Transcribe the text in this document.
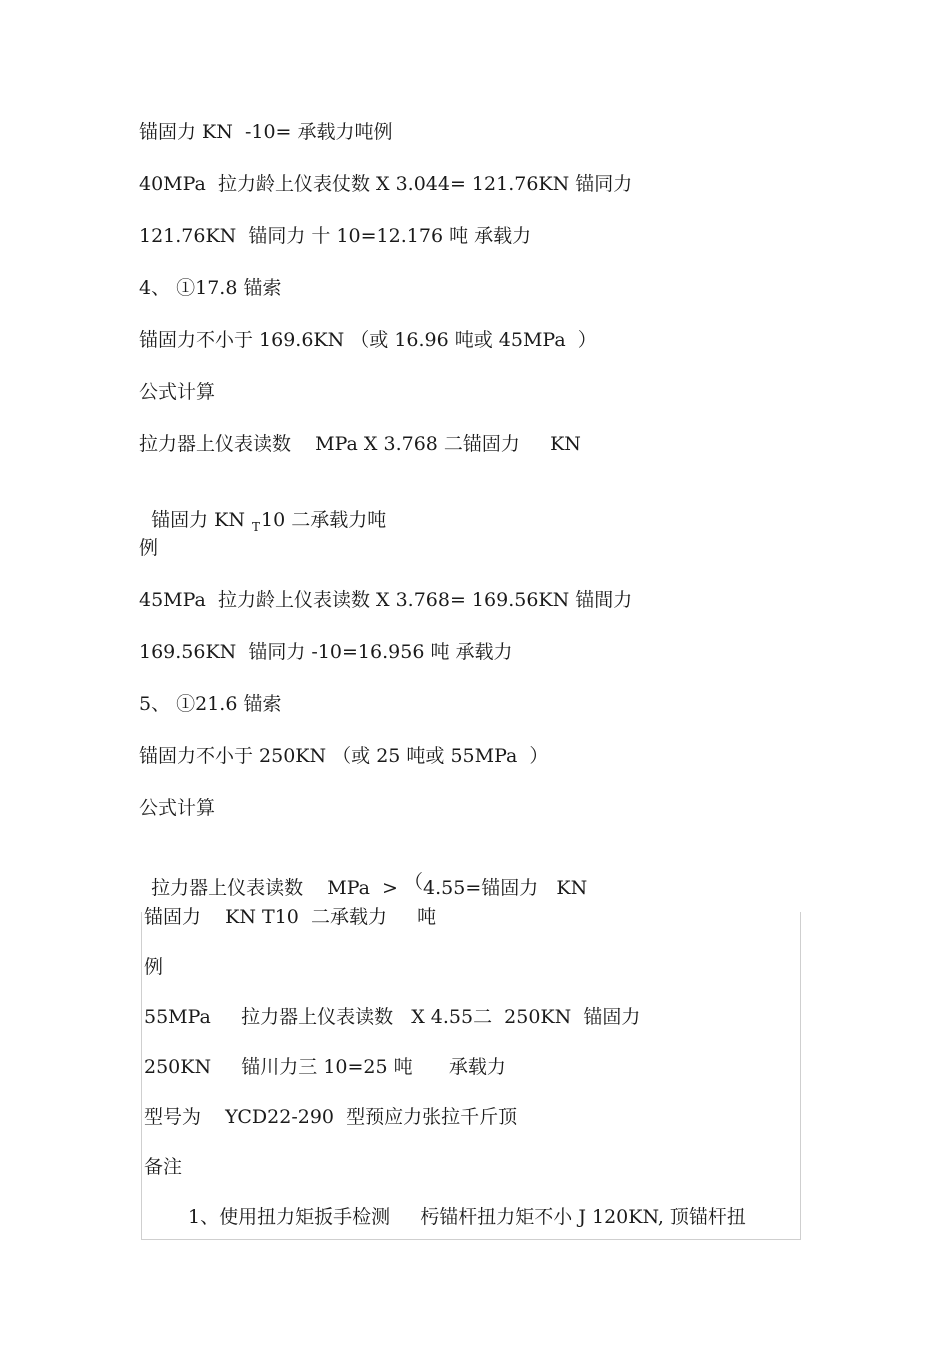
锚固力 KN  -10= 承载力吨例
40MPa  拉力龄上仪表仗数 X 3.044= 121.76KN 锚同力
121.76KN  锚同力 十 10=12.176 吨 承载力
4、 ①17.8 锚索
锚固力不小于 169.6KN （或 16.96 吨或 45MPa  ）
公式计算
拉力器上仪表读数    MPa X 3.768 二锚固力     KN

锚固力 KN $_T$10 二承载力吨

例
45MPa  拉力龄上仪表读数 X 3.768= 169.56KN 锚間力
169.56KN  锚同力 -10=16.956 吨 承载力
5、 ①21.6 锚索
锚固力不小于 250KN （或 25 吨或 55MPa  ）
公式计算

拉力器上仪表读数    MPa  > （4.55=锚固力   KN

锚固力    KN T10  二承载力     吨
例
55MPa     拉力器上仪表读数   X 4.55二  250KN  锚固力
250KN     锚川力三 10=25 吨      承载力
型号为    YCD22-290  型预应力张拉千斤顶
备注
1、使用扭力矩扳手检测     杇锚杆扭力矩不小 J 120KN, 顶锚杆扭
